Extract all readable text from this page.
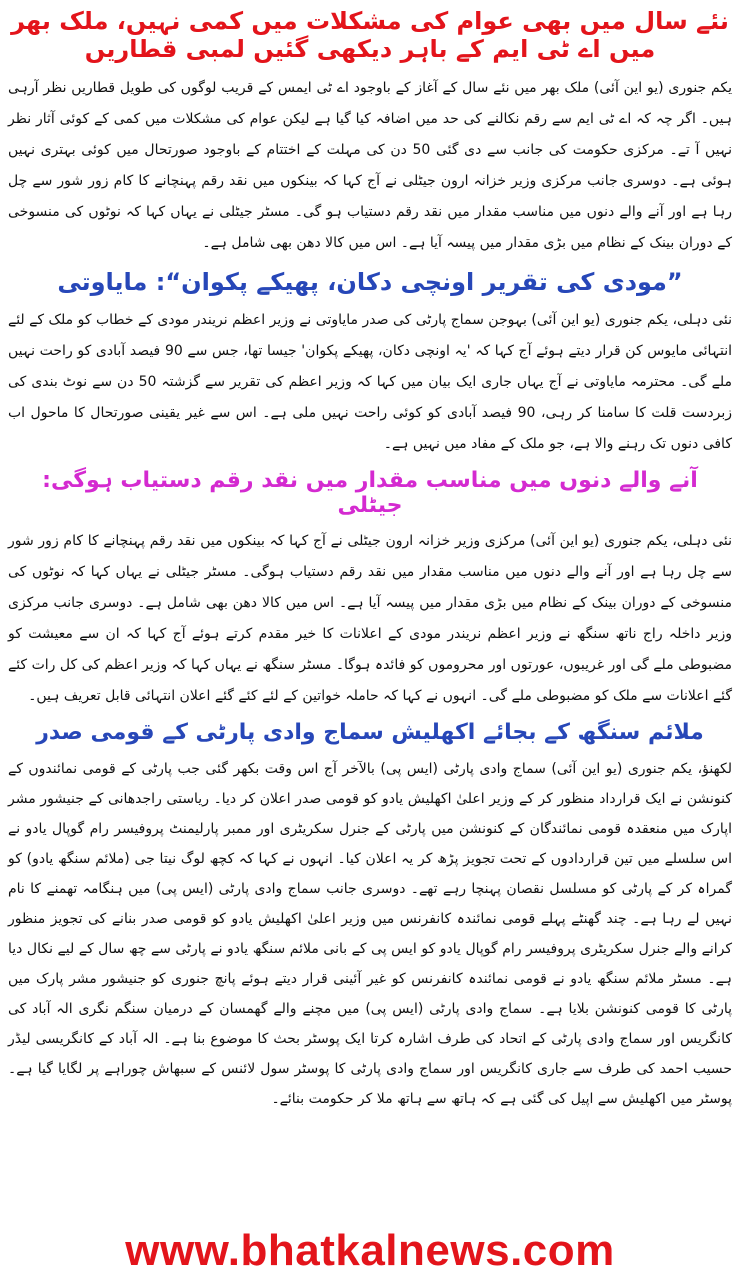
نئے سال میں بھی عوام کی مشکلات میں کمی نہیں، ملک بھر میں اے ٹی ایم کے باہر دیکھی گئیں لمبی قطاریں

یکم جنوری (یو این آئی) ملک بھر میں نئے سال کے آغاز کے باوجود اے ٹی ایمس کے قریب لوگوں کی طویل قطاریں نظر آرہی ہیں۔ اگر چہ کہ اے ٹی ایم سے رقم نکالنے کی حد میں اضافہ کیا گیا ہے لیکن عوام کی مشکلات میں کمی کے کوئی آثار نظر نہیں آ تے۔ مرکزی حکومت کی جانب سے دی گئی 50 دن کی مہلت کے اختتام کے باوجود صورتحال میں کوئی بہتری نہیں ہوئی ہے۔ دوسری جانب مرکزی وزیر خزانہ ارون جیٹلی نے آج کہا کہ بینکوں میں نقد رقم پہنچانے کا کام زور شور سے چل رہا ہے اور آنے والے دنوں میں مناسب مقدار میں نقد رقم دستیاب ہو گی۔ مسٹر جیٹلی نے یہاں کہا کہ نوٹوں کی منسوخی کے دوران بینک کے نظام میں بڑی مقدار میں پیسہ آیا ہے۔ اس میں کالا دھن بھی شامل ہے۔

”مودی کی تقریر اونچی دکان، پھیکے پکوان“: مایاوتی

نئی دہلی، یکم جنوری (یو این آئی) بہوجن سماج پارٹی کی صدر مایاوتی نے وزیر اعظم نریندر مودی کے خطاب کو ملک کے لئے انتہائی مایوس کن قرار دیتے ہوئے آج کہا کہ 'یہ اونچی دکان، پھیکے پکوان' جیسا تھا، جس سے 90 فیصد آبادی کو راحت نہیں ملے گی۔ محترمہ مایاوتی نے آج یہاں جاری ایک بیان میں کہا کہ وزیر اعظم کی تقریر سے گزشتہ 50 دن سے نوٹ بندی کی زبردست قلت کا سامنا کر رہی، 90 فیصد آبادی کو کوئی راحت نہیں ملی ہے۔ اس سے غیر یقینی صورتحال کا ماحول اب کافی دنوں تک رہنے والا ہے، جو ملک کے مفاد میں نہیں ہے۔

آنے والے دنوں میں مناسب مقدار میں نقد رقم دستیاب ہوگی: جیٹلی

نئی دہلی، یکم جنوری (یو این آئی) مرکزی وزیر خزانہ ارون جیٹلی نے آج کہا کہ بینکوں میں نقد رقم پہنچانے کا کام زور شور سے چل رہا ہے اور آنے والے دنوں میں مناسب مقدار میں نقد رقم دستیاب ہوگی۔ مسٹر جیٹلی نے یہاں کہا کہ نوٹوں کی منسوخی کے دوران بینک کے نظام میں بڑی مقدار میں پیسہ آیا ہے۔ اس میں کالا دھن بھی شامل ہے۔ دوسری جانب مرکزی وزیر داخلہ راج ناتھ سنگھ نے وزیر اعظم نریندر مودی کے اعلانات کا خیر مقدم کرتے ہوئے آج کہا کہ ان سے معیشت کو مضبوطی ملے گی اور غریبوں، عورتوں اور محروموں کو فائدہ ہوگا۔ مسٹر سنگھ نے یہاں کہا کہ وزیر اعظم کی کل رات کئے گئے اعلانات سے ملک کو مضبوطی ملے گی۔ انہوں نے کہا کہ حاملہ خواتین کے لئے کئے گئے اعلان انتہائی قابل تعریف ہیں۔

ملائم سنگھ کے بجائے اکھلیش سماج وادی پارٹی کے قومی صدر

لکھنؤ، یکم جنوری (یو این آئی) سماج وادی پارٹی (ایس پی) بالآخر آج اس وقت بکھر گئی جب پارٹی کے قومی نمائندوں کے کنونشن نے ایک قرارداد منظور کر کے وزیر اعلیٰ اکھلیش یادو کو قومی صدر اعلان کر دیا۔ ریاستی راجدھانی کے جنیشور مشر اپارک میں منعقدہ قومی نمائندگان کے کنونشن میں پارٹی کے جنرل سکریٹری اور ممبر پارلیمنٹ پروفیسر رام گوپال یادو نے اس سلسلے میں تین قراردادوں کے تحت تجویز پڑھ کر یہ اعلان کیا۔ انہوں نے کہا کہ کچھ لوگ نیتا جی (ملائم سنگھ یادو) کو گمراہ کر کے پارٹی کو مسلسل نقصان پہنچا رہے تھے۔ دوسری جانب سماج وادی پارٹی (ایس پی) میں ہنگامہ تھمنے کا نام نہیں لے رہا ہے۔ چند گھنٹے پہلے قومی نمائندہ کانفرنس میں وزیر اعلیٰ اکھلیش یادو کو قومی صدر بنانے کی تجویز منظور کرانے والے جنرل سکریٹری پروفیسر رام گوپال یادو کو ایس پی کے بانی ملائم سنگھ یادو نے پارٹی سے چھ سال کے لیے نکال دیا ہے۔ مسٹر ملائم سنگھ یادو نے قومی نمائندہ کانفرنس کو غیر آئینی قرار دیتے ہوئے پانچ جنوری کو جنیشور مشر پارک میں پارٹی کا قومی کنونشن بلایا ہے۔ سماج وادی پارٹی (ایس پی) میں مچنے والے گھمسان کے درمیان سنگم نگری الہ آباد کی کانگریس اور سماج وادی پارٹی کے اتحاد کی طرف اشارہ کرتا ایک پوسٹر بحث کا موضوع بنا ہے۔ الہ آباد کے کانگریسی لیڈر حسیب احمد کی طرف سے جاری کانگریس اور سماج وادی پارٹی کا پوسٹر سول لائنس کے سبھاش چوراہے پر لگایا گیا ہے۔ پوسٹر میں اکھلیش سے اپیل کی گئی ہے کہ ہاتھ سے ہاتھ ملا کر حکومت بنائے۔

www.bhatkalnews.com
